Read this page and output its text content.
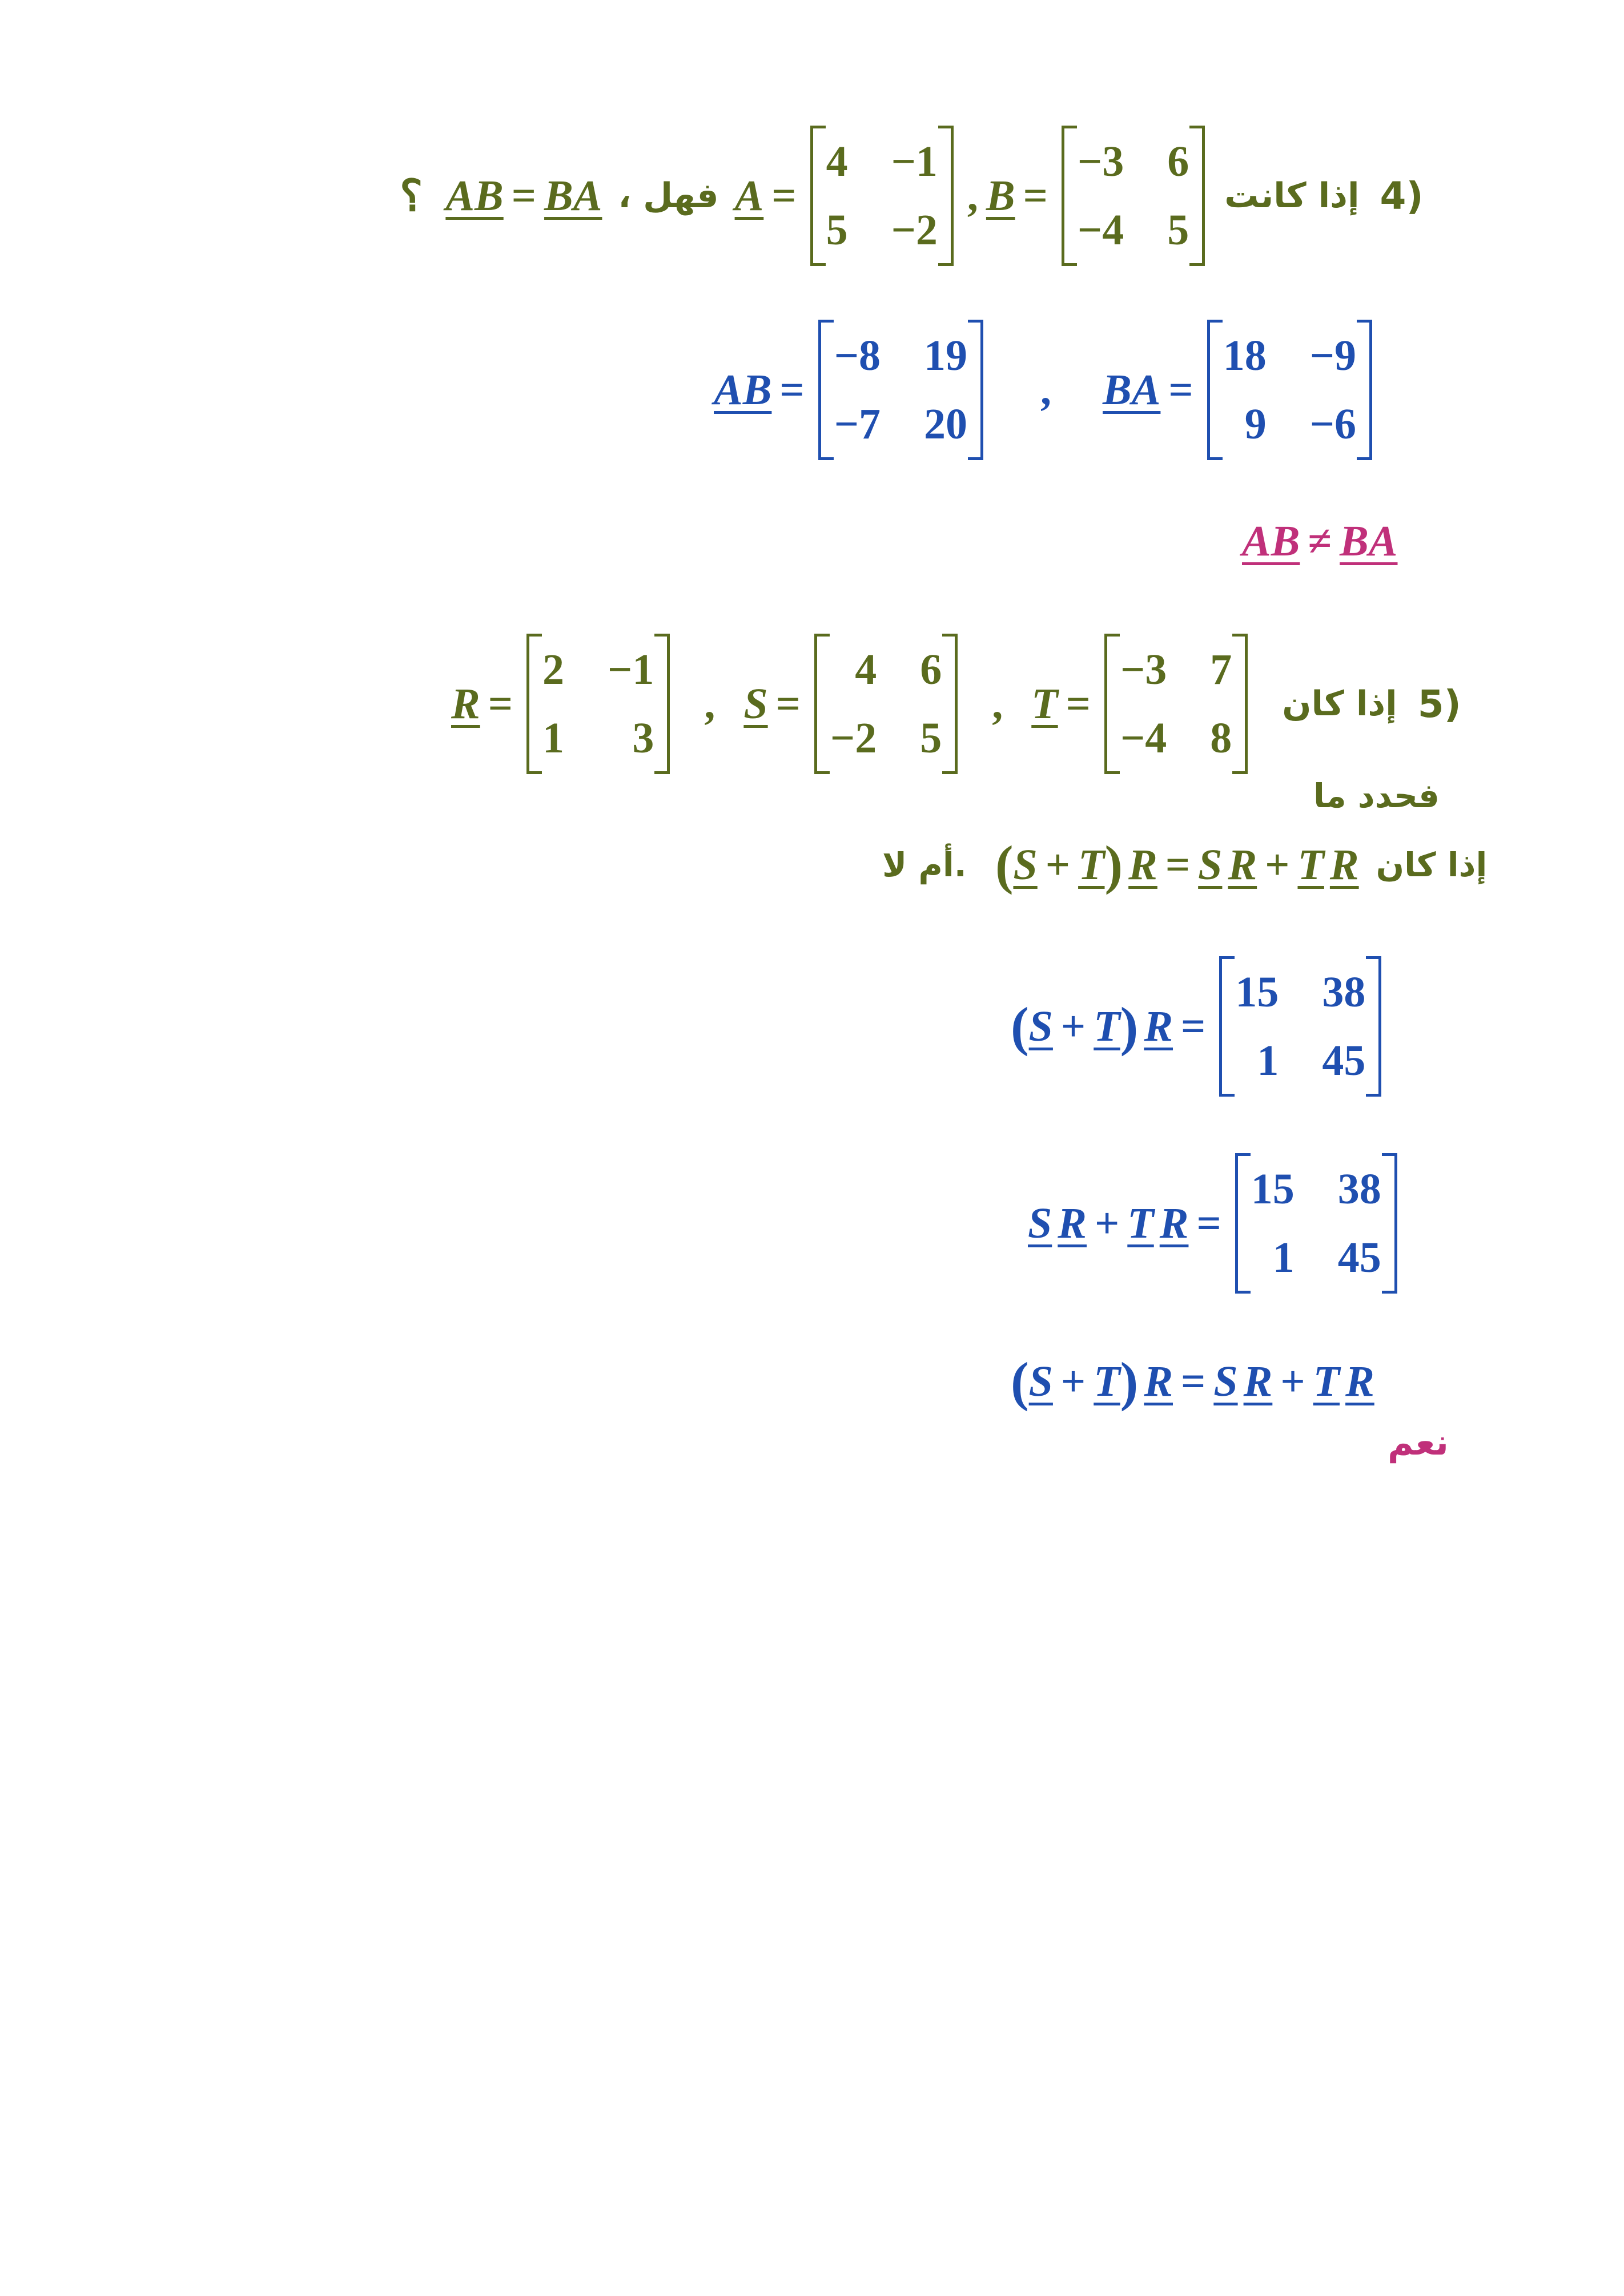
؟ AB = BA ، فهل A =
4 −1
5 −2
, B =
−3 6
−4 5
إذا كانت 4)
AB =
−8 19
−7 20
, BA =
18 −9
9 −6
AB ≠ BA
R =
2 −1
1	3
, S =
4 6
−2 5
, T =
−3 7
−4 8
إذا كان 5)
فحدد ما
أم لا. ( S + T ) R = S R + T R إذا كان
( S + T ) R =
15 38
1 45
S R + T R =
15 38
1 45
( S + T ) R = S R + T R
نعم
